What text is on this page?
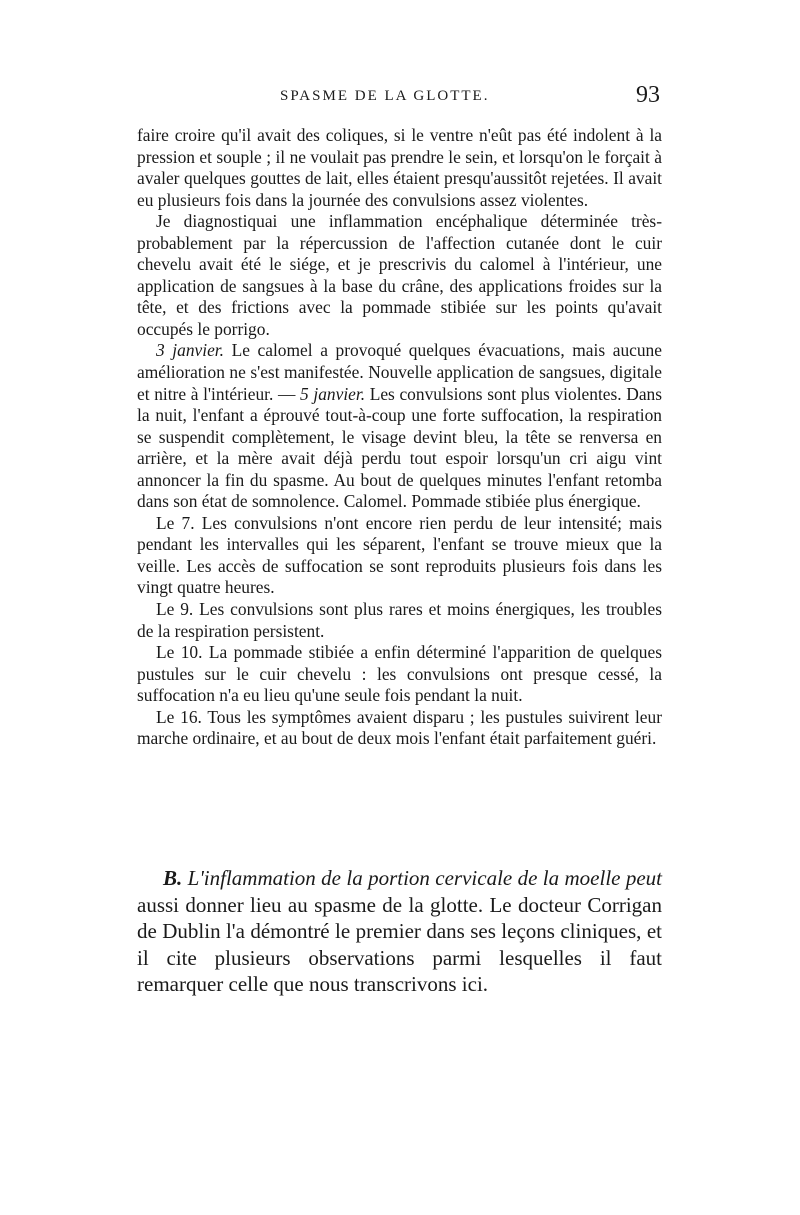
SPASME DE LA GLOTTE.	93

faire croire qu'il avait des coliques, si le ventre n'eût pas été indolent à la pression et souple ; il ne voulait pas prendre le sein, et lorsqu'on le forçait à avaler quelques gouttes de lait, elles étaient presqu'aussitôt rejetées. Il avait eu plusieurs fois dans la journée des convulsions assez violentes.

Je diagnostiquai une inflammation encéphalique déterminée très-probablement par la répercussion de l'affection cutanée dont le cuir chevelu avait été le siége, et je prescrivis du calomel à l'intérieur, une application de sangsues à la base du crâne, des applications froides sur la tête, et des frictions avec la pommade stibiée sur les points qu'avait occupés le porrigo.

3 janvier. Le calomel a provoqué quelques évacuations, mais aucune amélioration ne s'est manifestée. Nouvelle application de sangsues, digitale et nitre à l'intérieur. — 5 janvier. Les convulsions sont plus violentes. Dans la nuit, l'enfant a éprouvé tout-à-coup une forte suffocation, la respiration se suspendit complètement, le visage devint bleu, la tête se renversa en arrière, et la mère avait déjà perdu tout espoir lorsqu'un cri aigu vint annoncer la fin du spasme. Au bout de quelques minutes l'enfant retomba dans son état de somnolence. Calomel. Pommade stibiée plus énergique.

Le 7. Les convulsions n'ont encore rien perdu de leur intensité; mais pendant les intervalles qui les séparent, l'enfant se trouve mieux que la veille. Les accès de suffocation se sont reproduits plusieurs fois dans les vingt quatre heures.

Le 9. Les convulsions sont plus rares et moins énergiques, les troubles de la respiration persistent.

Le 10. La pommade stibiée a enfin déterminé l'apparition de quelques pustules sur le cuir chevelu : les convulsions ont presque cessé, la suffocation n'a eu lieu qu'une seule fois pendant la nuit.

Le 16. Tous les symptômes avaient disparu ; les pustules suivirent leur marche ordinaire, et au bout de deux mois l'enfant était parfaitement guéri.

B. L'inflammation de la portion cervicale de la moelle peut aussi donner lieu au spasme de la glotte. Le docteur Corrigan de Dublin l'a démontré le premier dans ses leçons cliniques, et il cite plusieurs observations parmi lesquelles il faut remarquer celle que nous transcrivons ici.
